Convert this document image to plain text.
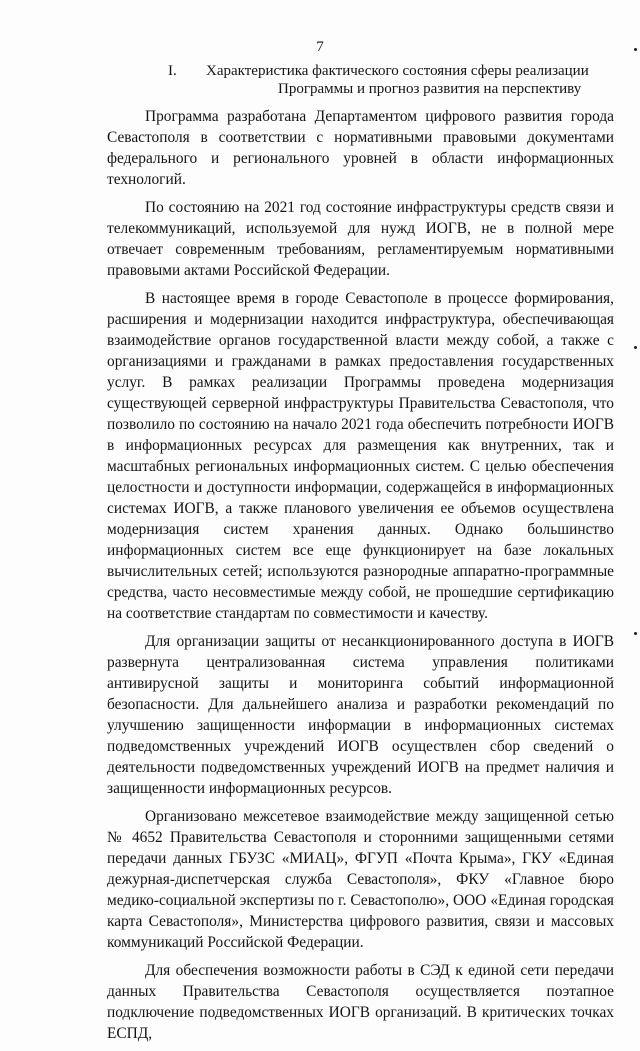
7
I. Характеристика фактического состояния сферы реализации
Программы и прогноз развития на перспективу

Программа разработана Департаментом цифрового развития города Севастополя в соответствии с нормативными правовыми документами федерального и регионального уровней в области информационных технологий.

По состоянию на 2021 год состояние инфраструктуры средств связи и телекоммуникаций, используемой для нужд ИОГВ, не в полной мере отвечает современным требованиям, регламентируемым нормативными правовыми актами Российской Федерации.

В настоящее время в городе Севастополе в процессе формирования, расширения и модернизации находится инфраструктура, обеспечивающая взаимодействие органов государственной власти между собой, а также с организациями и гражданами в рамках предоставления государственных услуг. В рамках реализации Программы проведена модернизация существующей серверной инфраструктуры Правительства Севастополя, что позволило по состоянию на начало 2021 года обеспечить потребности ИОГВ в информационных ресурсах для размещения как внутренних, так и масштабных региональных информационных систем. С целью обеспечения целостности и доступности информации, содержащейся в информационных системах ИОГВ, а также планового увеличения ее объемов осуществлена модернизация систем хранения данных. Однако большинство информационных систем все еще функционирует на базе локальных вычислительных сетей; используются разнородные аппаратно-программные средства, часто несовместимые между собой, не прошедшие сертификацию на соответствие стандартам по совместимости и качеству.

Для организации защиты от несанкционированного доступа в ИОГВ развернута централизованная система управления политиками антивирусной защиты и мониторинга событий информационной безопасности. Для дальнейшего анализа и разработки рекомендаций по улучшению защищенности информации в информационных системах подведомственных учреждений ИОГВ осуществлен сбор сведений о деятельности подведомственных учреждений ИОГВ на предмет наличия и защищенности информационных ресурсов.

Организовано межсетевое взаимодействие между защищенной сетью № 4652 Правительства Севастополя и сторонними защищенными сетями передачи данных ГБУЗС «МИАЦ», ФГУП «Почта Крыма», ГКУ «Единая дежурная-диспетчерская служба Севастополя», ФКУ «Главное бюро медико-социальной экспертизы по г. Севастополю», ООО «Единая городская карта Севастополя», Министерства цифрового развития, связи и массовых коммуникаций Российской Федерации.

Для обеспечения возможности работы в СЭД к единой сети передачи данных Правительства Севастополя осуществляется поэтапное подключение подведомственных ИОГВ организаций. В критических точках ЕСПД,
